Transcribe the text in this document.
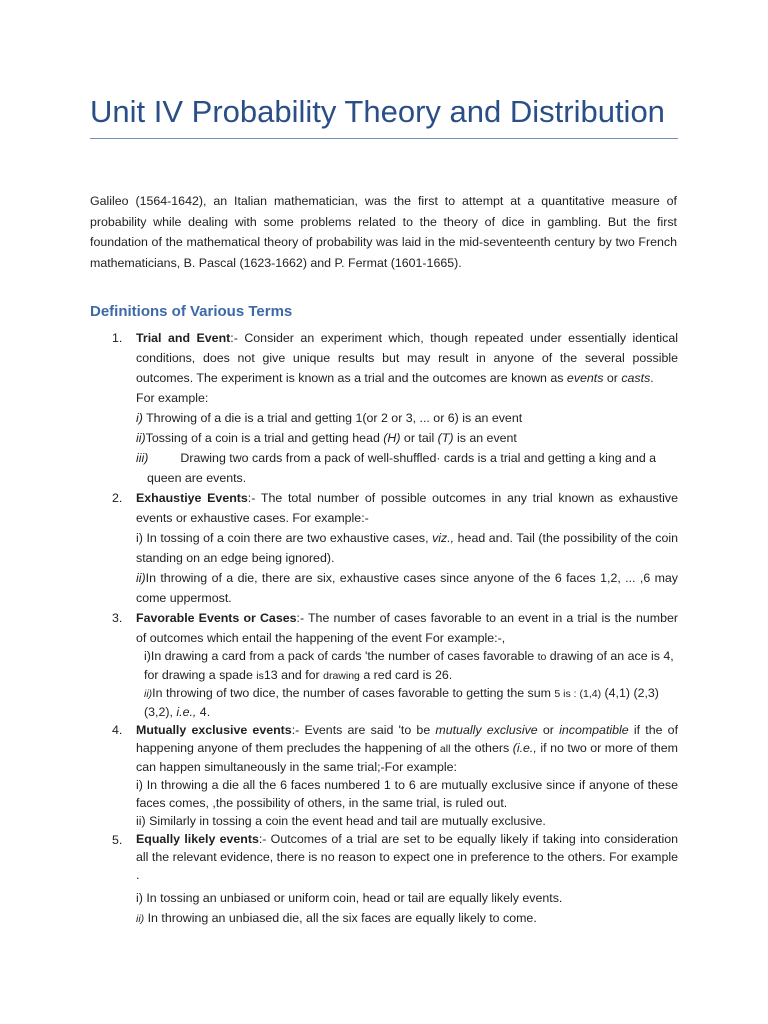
Unit IV Probability Theory and Distribution

Galileo (1564-1642), an Italian mathematician, was the first to attempt at a quantitative measure of probability while dealing with some problems related to the theory of dice in gambling. But the first foundation of the mathematical theory of probability was laid in the mid-seventeenth century by two French mathematicians, B. Pascal (1623-1662) and P. Fermat (1601-1665).

Definitions of Various Terms
1. Trial and Event:- Consider an experiment which, though repeated under essentially identical conditions, does not give unique results but may result in anyone of the several possible outcomes. The experiment is known as a trial and the outcomes are known as events or casts.
For example:
i) Throwing of a die is a trial and getting 1(or 2 or 3, ... or 6) is an event
ii)Tossing of a coin is a trial and getting head (H) or tail (T) is an event
iii)	Drawing two cards from a pack of well-shuffled· cards is a trial and getting a king and a
queen are events.
2. Exhaustiye Events:- The total number of possible outcomes in any trial known as exhaustive events or exhaustive cases. For example:-
i) In tossing of a coin there are two exhaustive cases, viz., head and. Tail (the possibility of the coin standing on an edge being ignored).
ii)In throwing of a die, there are six, exhaustive cases since anyone of the 6 faces 1,2, ... ,6 may come uppermost.
3. Favorable Events or Cases:- The number of cases favorable to an event in a trial is the number of outcomes which entail the happening of the event For example:-,
i)In drawing a card from a pack of cards 'the number of cases favorable to drawing of an ace is 4,
for drawing a spade is13 and for drawing a red card is 26.
ii)In throwing of two dice, the number of cases favorable to getting the sum 5 is : (1,4) (4,1) (2,3)
(3,2), i.e., 4.
4. Mutually exclusive events:- Events are said 'to be mutually exclusive or incompatible if the of happening anyone of them precludes the happening of all the others (i.e., if no two or more of them can happen simultaneously in the same trial;-For example:
i) In throwing a die all the 6 faces numbered 1 to 6 are mutually exclusive since if anyone of these faces comes, ,the possibility of others, in the same trial, is ruled out.
ii) Similarly in tossing a coin the event head and tail are mutually exclusive.
5. Equally likely events:- Outcomes of a trial are set to be equally likely if taking into consideration all the relevant evidence, there is no reason to expect one in preference to the others. For example .
i) In tossing an unbiased or uniform coin, head or tail are equally likely events.
ii) In throwing an unbiased die, all the six faces are equally likely to come.
